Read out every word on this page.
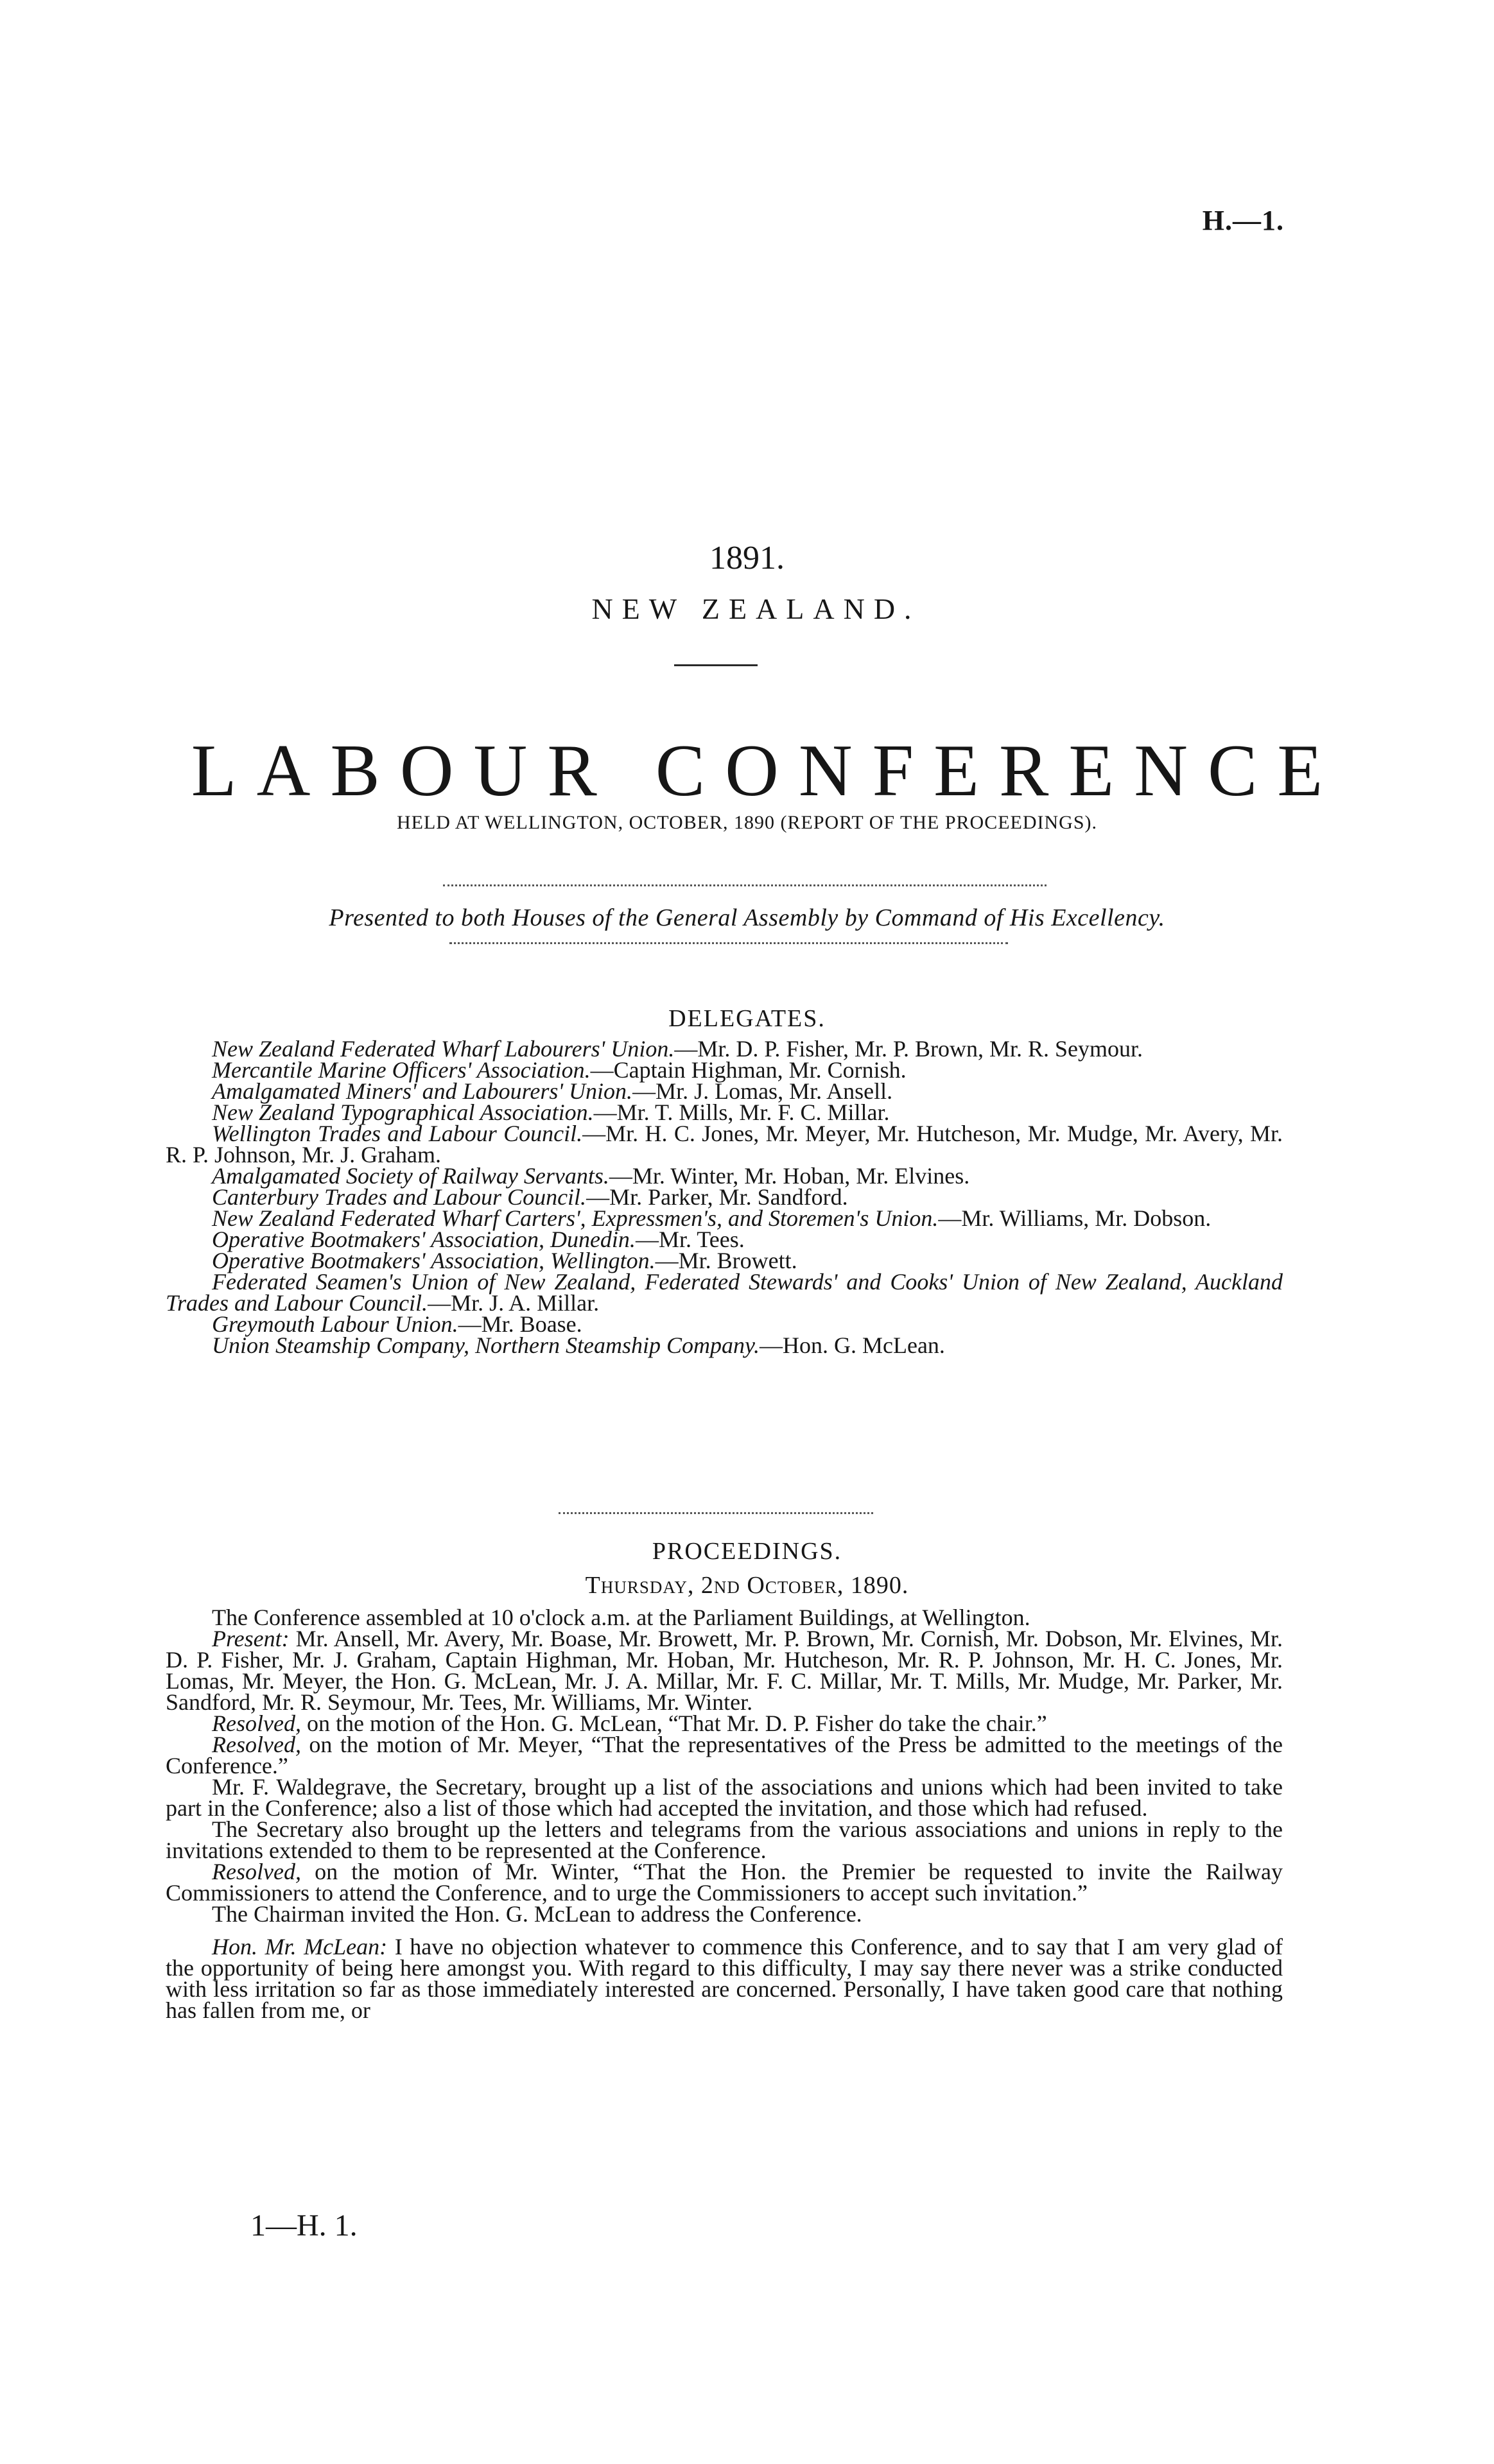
H.—1.
1891.
NEW ZEALAND.
LABOUR CONFERENCE
HELD AT WELLINGTON, OCTOBER, 1890 (REPORT OF THE PROCEEDINGS).
Presented to both Houses of the General Assembly by Command of His Excellency.
DELEGATES.

New Zealand Federated Wharf Labourers' Union.—Mr. D. P. Fisher, Mr. P. Brown, Mr. R. Seymour.

Mercantile Marine Officers' Association.—Captain Highman, Mr. Cornish.

Amalgamated Miners' and Labourers' Union.—Mr. J. Lomas, Mr. Ansell.

New Zealand Typographical Association.—Mr. T. Mills, Mr. F. C. Millar.

Wellington Trades and Labour Council.—Mr. H. C. Jones, Mr. Meyer, Mr. Hutcheson, Mr. Mudge, Mr. Avery, Mr. R. P. Johnson, Mr. J. Graham.

Amalgamated Society of Railway Servants.—Mr. Winter, Mr. Hoban, Mr. Elvines.

Canterbury Trades and Labour Council.—Mr. Parker, Mr. Sandford.

New Zealand Federated Wharf Carters', Expressmen's, and Storemen's Union.—Mr. Williams, Mr. Dobson.

Operative Bootmakers' Association, Dunedin.—Mr. Tees.

Operative Bootmakers' Association, Wellington.—Mr. Browett.

Federated Seamen's Union of New Zealand, Federated Stewards' and Cooks' Union of New Zealand, Auckland Trades and Labour Council.—Mr. J. A. Millar.

Greymouth Labour Union.—Mr. Boase.

Union Steamship Company, Northern Steamship Company.—Hon. G. McLean.

PROCEEDINGS.
Thursday, 2nd October, 1890.

The Conference assembled at 10 o'clock a.m. at the Parliament Buildings, at Wellington.

Present: Mr. Ansell, Mr. Avery, Mr. Boase, Mr. Browett, Mr. P. Brown, Mr. Cornish, Mr. Dobson, Mr. Elvines, Mr. D. P. Fisher, Mr. J. Graham, Captain Highman, Mr. Hoban, Mr. Hutcheson, Mr. R. P. Johnson, Mr. H. C. Jones, Mr. Lomas, Mr. Meyer, the Hon. G. McLean, Mr. J. A. Millar, Mr. F. C. Millar, Mr. T. Mills, Mr. Mudge, Mr. Parker, Mr. Sandford, Mr. R. Seymour, Mr. Tees, Mr. Williams, Mr. Winter.

Resolved, on the motion of the Hon. G. McLean, “That Mr. D. P. Fisher do take the chair.”

Resolved, on the motion of Mr. Meyer, “That the representatives of the Press be admitted to the meetings of the Conference.”

Mr. F. Waldegrave, the Secretary, brought up a list of the associations and unions which had been invited to take part in the Conference; also a list of those which had accepted the invitation, and those which had refused.

The Secretary also brought up the letters and telegrams from the various associations and unions in reply to the invitations extended to them to be represented at the Conference.

Resolved, on the motion of Mr. Winter, “That the Hon. the Premier be requested to invite the Railway Commissioners to attend the Conference, and to urge the Commissioners to accept such invitation.”

The Chairman invited the Hon. G. McLean to address the Conference.

Hon. Mr. McLean: I have no objection whatever to commence this Conference, and to say that I am very glad of the opportunity of being here amongst you. With regard to this difficulty, I may say there never was a strike conducted with less irritation so far as those immediately interested are concerned. Personally, I have taken good care that nothing has fallen from me, or

1—H. 1.
